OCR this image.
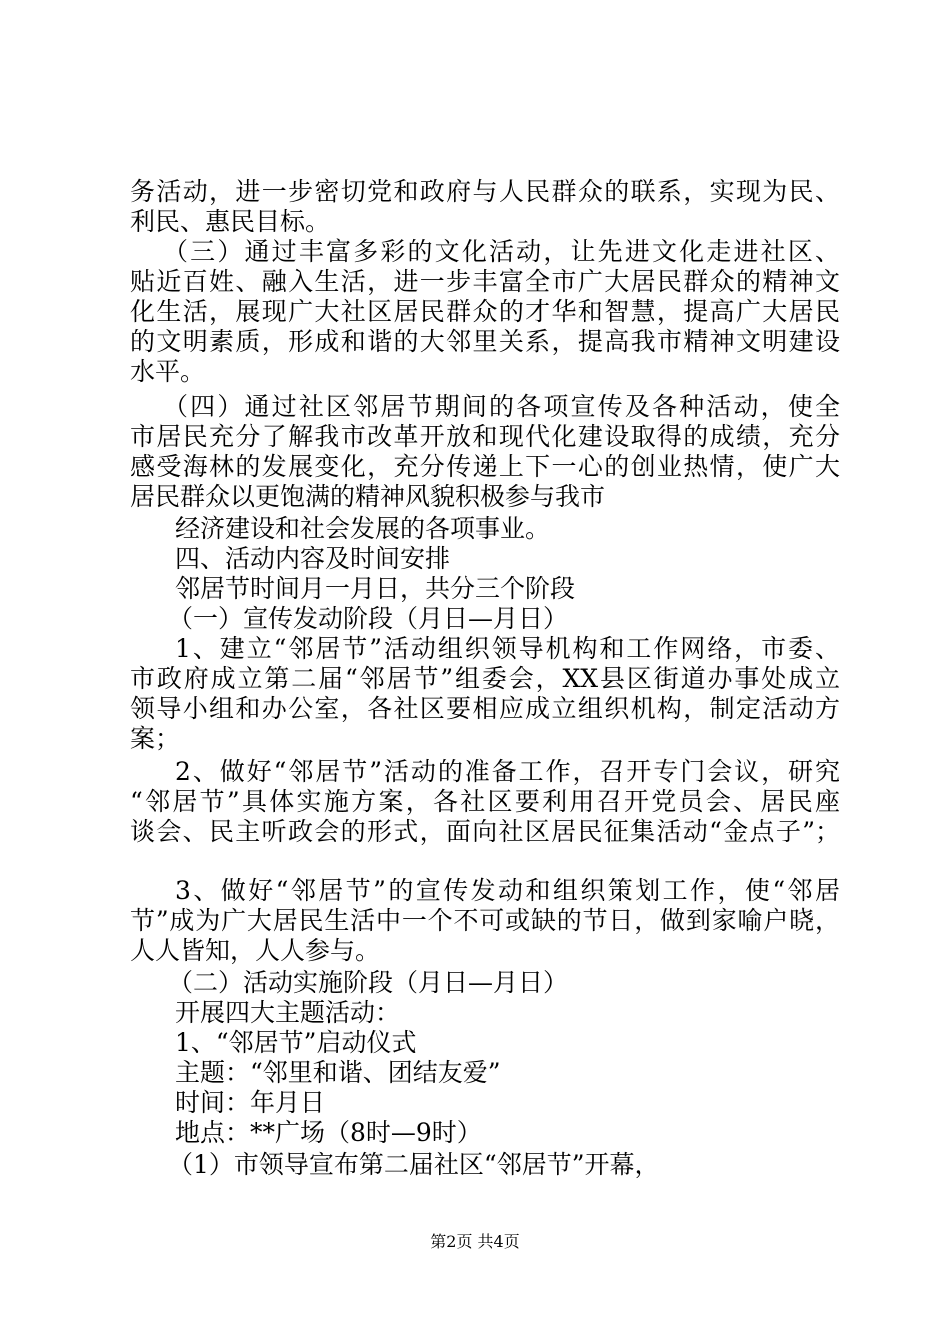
务活动，进一步密切党和政府与人民群众的联系，实现为民、
利民、惠民目标。
（三）通过丰富多彩的文化活动，让先进文化走进社区、
贴近百姓、融入生活，进一步丰富全市广大居民群众的精神文
化生活，展现广大社区居民群众的才华和智慧，提高广大居民
的文明素质，形成和谐的大邻里关系，提高我市精神文明建设
水平。
（四）通过社区邻居节期间的各项宣传及各种活动，使全
市居民充分了解我市改革开放和现代化建设取得的成绩，充分
感受海林的发展变化，充分传递上下一心的创业热情，使广大
居民群众以更饱满的精神风貌积极参与我市
经济建设和社会发展的各项事业。
四、活动内容及时间安排
邻居节时间月一月日，共分三个阶段
（一）宣传发动阶段（月日—月日）
1、建立“邻居节”活动组织领导机构和工作网络，市委、
市政府成立第二届“邻居节”组委会，XX县区街道办事处成立
领导小组和办公室，各社区要相应成立组织机构，制定活动方
案；
2、做好“邻居节”活动的准备工作，召开专门会议，研究
“邻居节”具体实施方案，各社区要利用召开党员会、居民座
谈会、民主听政会的形式，面向社区居民征集活动“金点子”；
3、做好“邻居节”的宣传发动和组织策划工作，使“邻居
节”成为广大居民生活中一个不可或缺的节日，做到家喻户晓，
人人皆知，人人参与。
（二）活动实施阶段（月日—月日）
开展四大主题活动：
1、“邻居节”启动仪式
主题：“邻里和谐、团结友爱”
时间：年月日
地点：**广场（8时—9时）
（1）市领导宣布第二届社区“邻居节”开幕，
第2页 共4页
